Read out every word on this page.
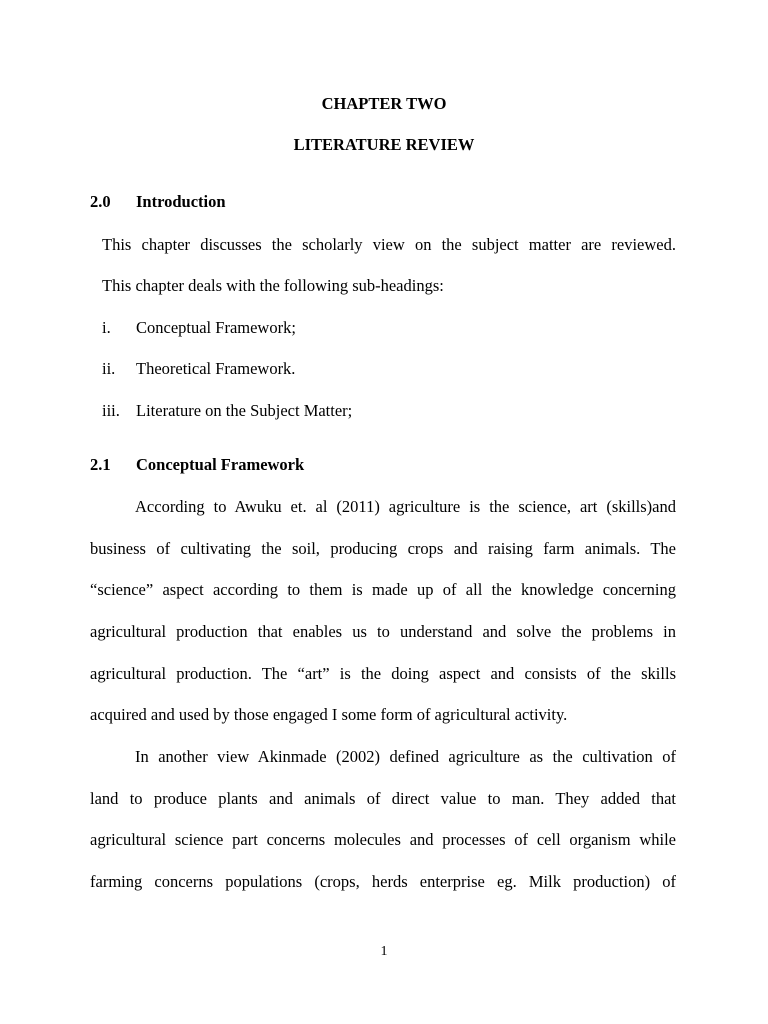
CHAPTER TWO
LITERATURE REVIEW
2.0 Introduction
This chapter discusses the scholarly view on the subject matter are reviewed.
This chapter deals with the following sub-headings:
i. Conceptual Framework;
ii. Theoretical Framework.
iii. Literature on the Subject Matter;
2.1 Conceptual Framework
According to Awuku et. al (2011) agriculture is the science, art (skills)and
business of cultivating the soil, producing crops and raising farm animals. The
“science” aspect according to them is made up of all the knowledge concerning
agricultural production that enables us to understand and solve the problems in
agricultural production. The “art” is the doing aspect and consists of the skills
acquired and used by those engaged I some form of agricultural activity.
In another view Akinmade (2002) defined agriculture as the cultivation of
land to produce plants and animals of direct value to man. They added that
agricultural science part concerns molecules and processes of cell organism while
farming concerns populations (crops, herds enterprise eg. Milk production) of
1
